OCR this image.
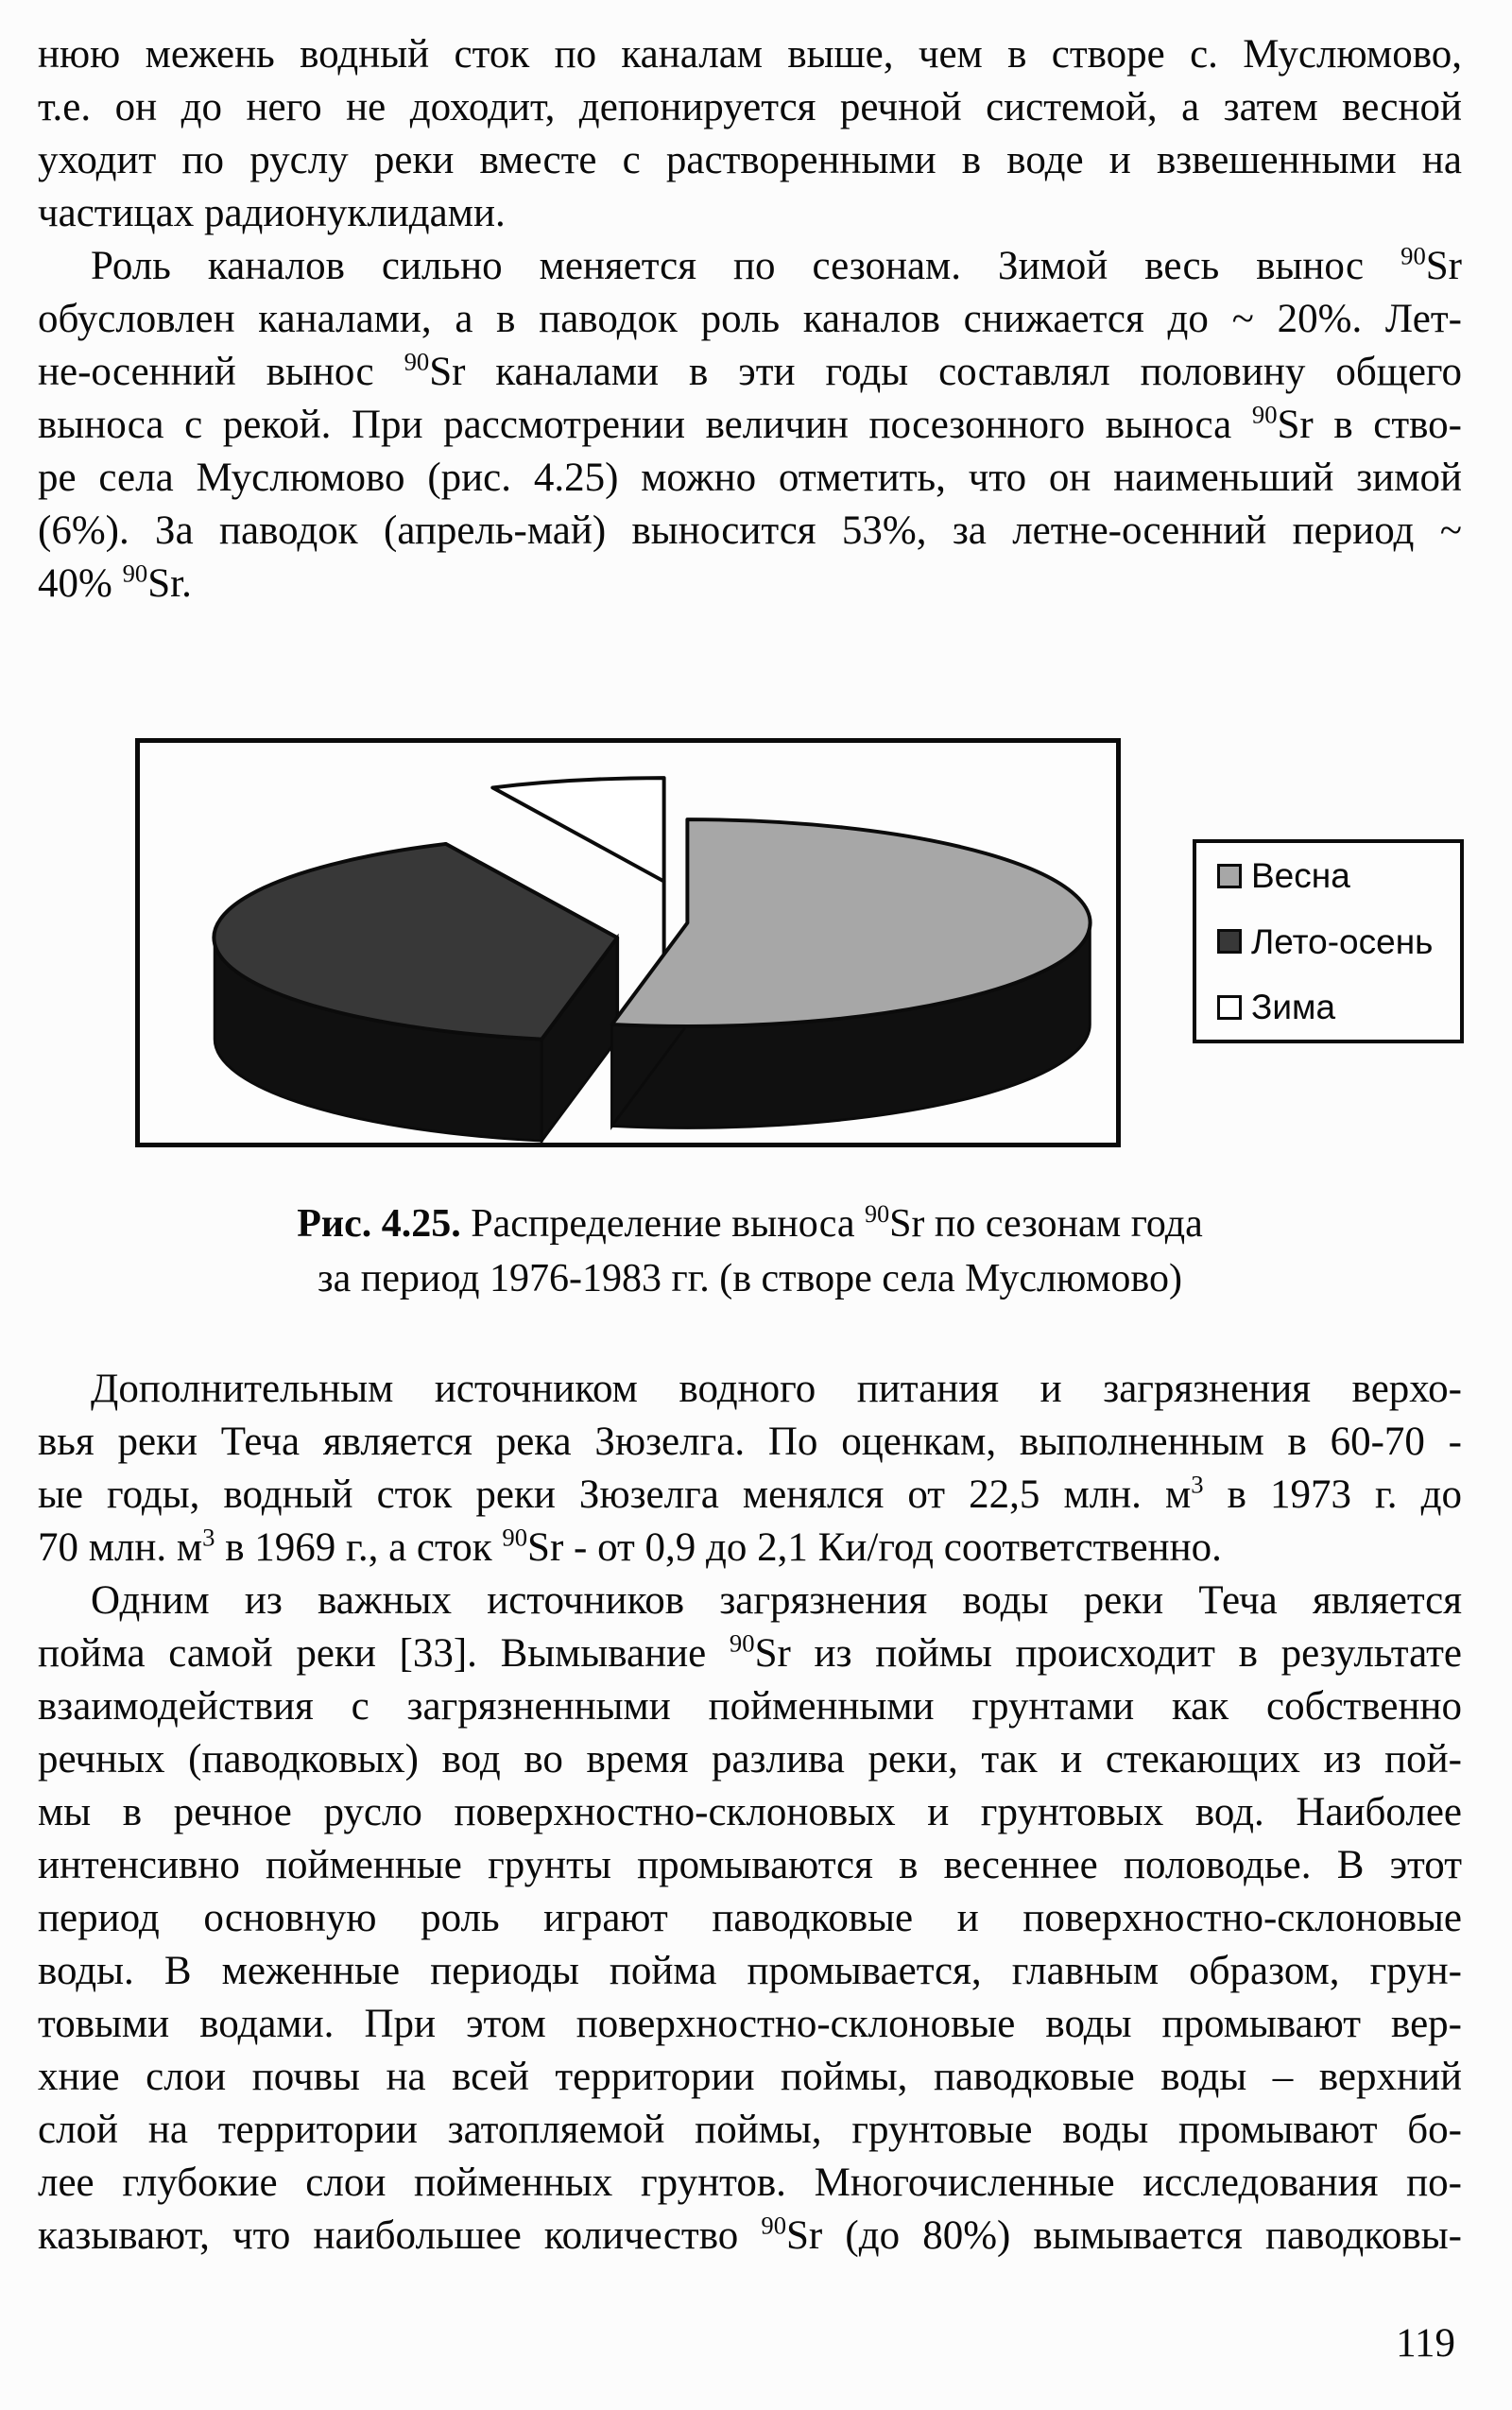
нюю межень водный сток по каналам выше, чем в створе с. Муслюмово,
т.е. он до него не доходит, депонируется речной системой, а затем весной
уходит по руслу реки вместе с растворенными в воде и взвешенными на
частицах радионуклидами.
Роль каналов сильно меняется по сезонам. Зимой весь вынос $^{90}$Sr
обусловлен каналами, а в паводок роль каналов снижается до ~ 20%. Лет-
не-осенний вынос $^{90}$Sr каналами в эти годы составлял половину общего
выноса с рекой. При рассмотрении величин посезонного выноса $^{90}$Sr в ство-
ре села Муслюмово (рис. 4.25) можно отметить, что он наименьший зимой
(6%). За паводок (апрель-май) выносится 53%, за летне-осенний период ~
40% $^{90}$Sr.
Весна
Лето-осень
Зима
Рис. 4.25. Распределение выноса $^{90}$Sr по сезонам года
за период 1976-1983 гг. (в створе села Муслюмово)
Дополнительным источником водного питания и загрязнения верхо-
вья реки Теча является река Зюзелга. По оценкам, выполненным в 60-70 -
ые годы, водный сток реки Зюзелга менялся от 22,5 млн. $м^3$ в 1973 г. до
70 млн. $м^3$ в 1969 г., а сток $^{90}$Sr - от 0,9 до 2,1 Ки/год соответственно.
Одним из важных источников загрязнения воды реки Теча является
пойма самой реки [33]. Вымывание $^{90}$Sr из поймы происходит в результате
взаимодействия с загрязненными пойменными грунтами как собственно
речных (паводковых) вод во время разлива реки, так и стекающих из пой-
мы в речное русло поверхностно-склоновых и грунтовых вод. Наиболее
интенсивно пойменные грунты промываются в весеннее половодье. В этот
период основную роль играют паводковые и поверхностно-склоновые
воды. В меженные периоды пойма промывается, главным образом, грун-
товыми водами. При этом поверхностно-склоновые воды промывают вер-
хние слои почвы на всей территории поймы, паводковые воды – верхний
слой на территории затопляемой поймы, грунтовые воды промывают бо-
лее глубокие слои пойменных грунтов. Многочисленные исследования по-
казывают, что наибольшее количество $^{90}$Sr (до 80%) вымывается паводковы-
119
